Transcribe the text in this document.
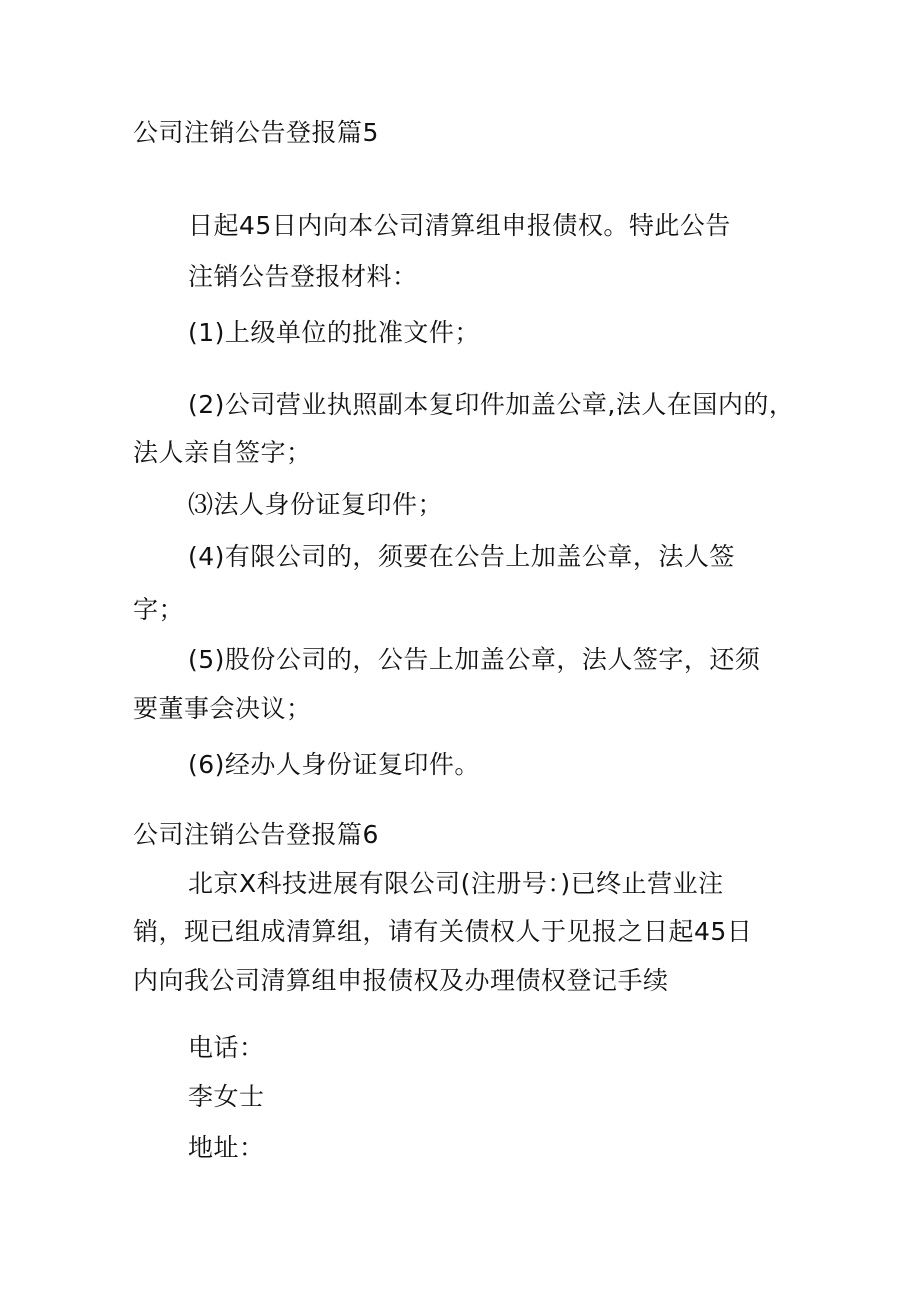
公司注销公告登报篇5
日起45日内向本公司清算组申报债权。特此公告
注销公告登报材料：
(1)上级单位的批准文件；
(2)公司营业执照副本复印件加盖公章,法人在国内的，
法人亲自签字；
⑶法人身份证复印件；
(4)有限公司的，须要在公告上加盖公章，法人签
字；
(5)股份公司的，公告上加盖公章，法人签字，还须
要董事会决议；
(6)经办人身份证复印件。
公司注销公告登报篇6
北京X科技进展有限公司(注册号：)已终止营业注
销，现已组成清算组，请有关债权人于见报之日起45日
内向我公司清算组申报债权及办理债权登记手续
电话：
李女士
地址：
